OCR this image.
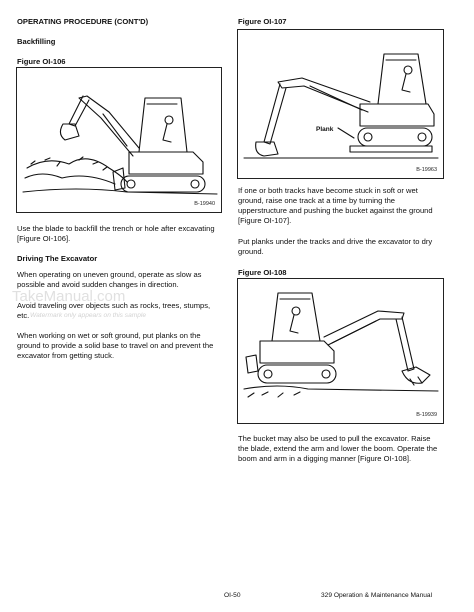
OPERATING PROCEDURE (CONT'D)
Backfilling
Figure OI-106
B-19940
Use the blade to backfill the trench or hole after excavating [Figure OI-106].
Driving The Excavator
When operating on uneven ground, operate as slow as possible and avoid sudden changes in direction.
Avoid traveling over objects such as rocks, trees, stumps, etc.
When working on wet or soft ground, put planks on the ground to provide a solid base to travel on and prevent the excavator from getting stuck.
TakeManual.com
Watermark only appears on this sample
Figure OI-107
Plank
B-19963
If one or both tracks have become stuck in soft or wet ground, raise one track at a time by turning the upperstructure and pushing the bucket against the ground [Figure OI-107].
Put planks under the tracks and drive the excavator to dry ground.
Figure OI-108
B-19939
The bucket may also be used to pull the excavator. Raise the blade, extend the arm and lower the boom. Operate the boom and arm in a digging manner [Figure OI-108].
OI-50	329 Operation & Maintenance Manual
